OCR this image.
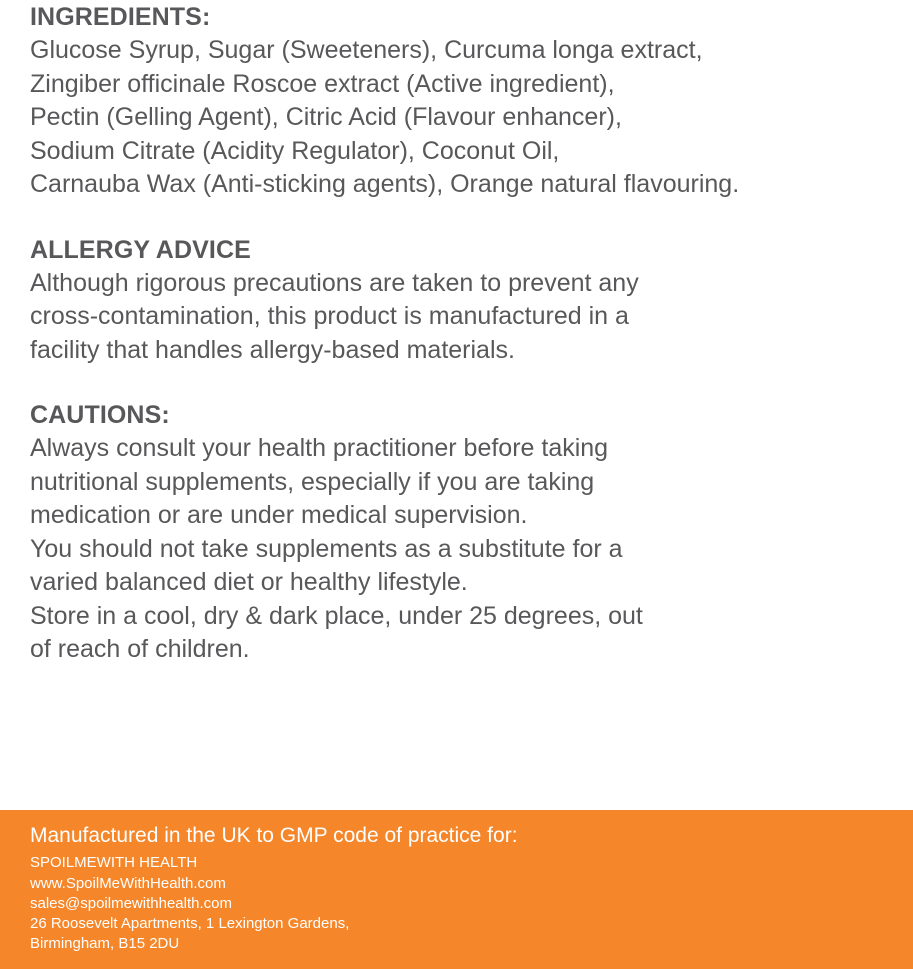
INGREDIENTS:
Glucose Syrup, Sugar (Sweeteners), Curcuma longa extract,
Zingiber officinale Roscoe extract (Active ingredient),
Pectin (Gelling Agent), Citric Acid (Flavour enhancer),
Sodium Citrate (Acidity Regulator), Coconut Oil,
Carnauba Wax (Anti-sticking agents), Orange natural flavouring.
ALLERGY ADVICE
Although rigorous precautions are taken to prevent any
cross-contamination, this product is manufactured in a
facility that handles allergy-based materials.
CAUTIONS:
Always consult your health practitioner before taking
nutritional supplements, especially if you are taking
medication or are under medical supervision.
You should not take supplements as a substitute for a
varied balanced diet or healthy lifestyle.
Store in a cool, dry & dark place, under 25 degrees, out
of reach of children.
Manufactured in the UK to GMP code of practice for:
SPOILMEWITH HEALTH
www.SpoilMeWithHealth.com
sales@spoilmewithhealth.com
26 Roosevelt Apartments, 1 Lexington Gardens,
Birmingham, B15 2DU
